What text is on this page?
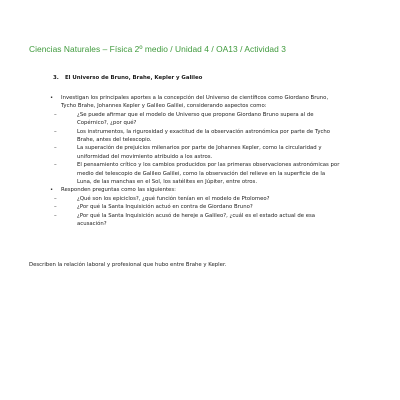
Ciencias Naturales – Física 2º medio / Unidad 4 / OA13 / Actividad 3
3. El Universo de Bruno, Brahe, Kepler y Galileo
• Investigan los principales aportes a la concepción del Universo de científicos como Giordano Bruno, Tycho Brahe, Johannes Kepler y Galileo Galilei, considerando aspectos como:
–	¿Se puede afirmar que el modelo de Universo que propone Giordano Bruno supera al de Copérnico?, ¿por qué?
–	Los instrumentos, la rigurosidad y exactitud de la observación astronómica por parte de Tycho Brahe, antes del telescopio.
–	La superación de prejuicios milenarios por parte de Johannes Kepler, como la circularidad y uniformidad del movimiento atribuido a los astros.
–	El pensamiento crítico y los cambios producidos por las primeras observaciones astronómicas por medio del telescopio de Galileo Galilei, como la observación del relieve en la superficie de la Luna, de las manchas en el Sol, los satélites en Júpiter, entre otros.
• Responden preguntas como las siguientes:
–	¿Qué son los epiciclos?, ¿qué función tenían en el modelo de Ptolomeo?
–	¿Por qué la Santa Inquisición actuó en contra de Giordano Bruno?
–	¿Por qué la Santa Inquisición acusó de hereje a Galileo?, ¿cuál es el estado actual de esa acusación?
Describen la relación laboral y profesional que hubo entre Brahe y Kepler.
